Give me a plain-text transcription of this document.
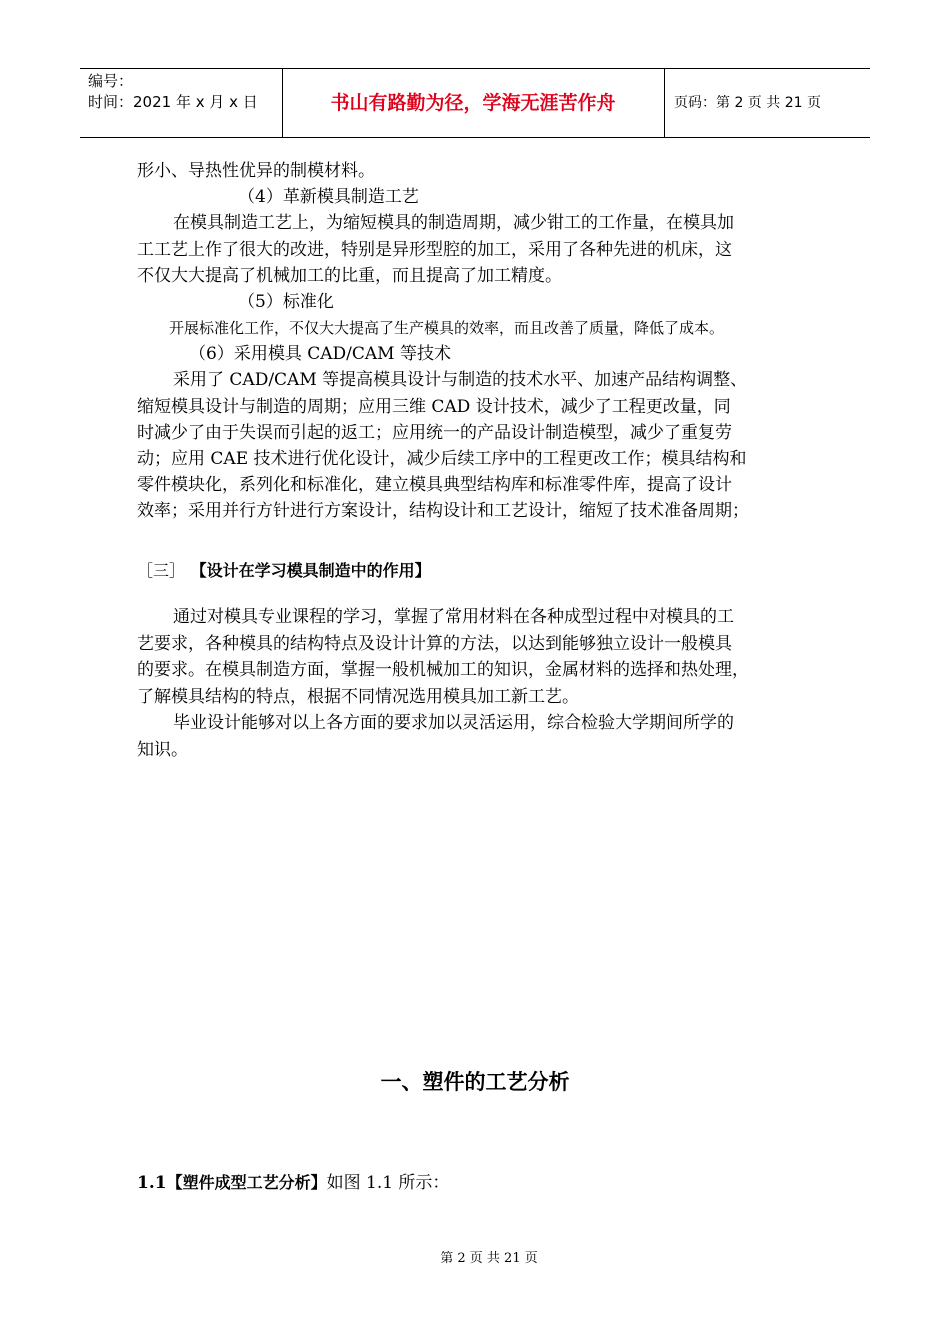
编号：
时间：2021 年 x 月 x 日	书山有路勤为径，学海无涯苦作舟	页码：第 2 页 共 21 页
形小、导热性优异的制模材料。
（4）革新模具制造工艺
在模具制造工艺上，为缩短模具的制造周期，减少钳工的工作量，在模具加
工工艺上作了很大的改进，特别是异形型腔的加工，采用了各种先进的机床，这
不仅大大提高了机械加工的比重，而且提高了加工精度。
（5）标准化
开展标准化工作，不仅大大提高了生产模具的效率，而且改善了质量，降低了成本。
（6）采用模具 CAD/CAM 等技术
采用了 CAD/CAM 等提高模具设计与制造的技术水平、加速产品结构调整、
缩短模具设计与制造的周期；应用三维 CAD 设计技术，减少了工程更改量，同
时减少了由于失误而引起的返工；应用统一的产品设计制造模型，减少了重复劳
动；应用 CAE 技术进行优化设计，减少后续工序中的工程更改工作；模具结构和
零件模块化，系列化和标准化，建立模具典型结构库和标准零件库，提高了设计
效率；采用并行方针进行方案设计，结构设计和工艺设计，缩短了技术准备周期；
［三］ 【设计在学习模具制造中的作用】
通过对模具专业课程的学习，掌握了常用材料在各种成型过程中对模具的工
艺要求，各种模具的结构特点及设计计算的方法，以达到能够独立设计一般模具
的要求。在模具制造方面，掌握一般机械加工的知识，金属材料的选择和热处理，
了解模具结构的特点，根据不同情况选用模具加工新工艺。
毕业设计能够对以上各方面的要求加以灵活运用，综合检验大学期间所学的
知识。
一、塑件的工艺分析
1.1【塑件成型工艺分析】如图 1.1 所示：
第 2 页 共 21 页
